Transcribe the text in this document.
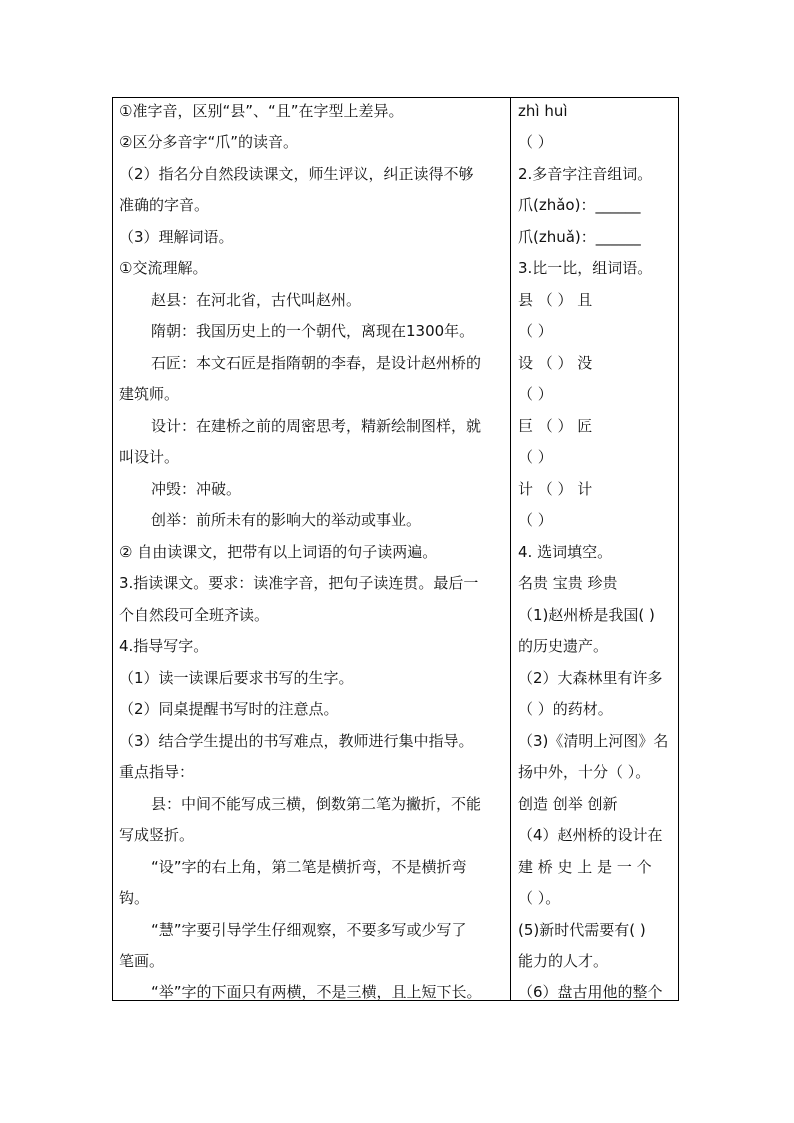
①准字音，区别“县”、“且”在字型上差异。
②区分多音字“爪”的读音。
（2）指名分自然段读课文，师生评议，纠正读得不够
准确的字音。
（3）理解词语。
①交流理解。
赵县：在河北省，古代叫赵州。
隋朝：我国历史上的一个朝代，离现在1300年。
石匠：本文石匠是指隋朝的李春，是设计赵州桥的
建筑师。
设计：在建桥之前的周密思考，精新绘制图样，就
叫设计。
冲毁：冲破。
创举：前所未有的影响大的举动或事业。
② 自由读课文，把带有以上词语的句子读两遍。
3.指读课文。要求：读准字音，把句子读连贯。最后一
个自然段可全班齐读。
4.指导写字。
（1）读一读课后要求书写的生字。
（2）同桌提醒书写时的注意点。
（3）结合学生提出的书写难点，教师进行集中指导。
重点指导：
县：中间不能写成三横，倒数第二笔为撇折，不能
写成竖折。
“设”字的右上角，第二笔是横折弯，不是横折弯
钩。
“慧”字要引导学生仔细观察，不要多写或少写了
笔画。
“举”字的下面只有两横，不是三横，且上短下长。
zhì huì
（ ）
2.多音字注音组词。
爪(zhǎo)：______
爪(zhuǎ)：______
3.比一比，组词语。
县 （ ） 且
（ ）
设 （ ） 没
（ ）
巨 （ ） 匠
（ ）
计 （ ） 计
（ ）
4. 选词填空。
名贵 宝贵 珍贵
（1)赵州桥是我国( )
的历史遗产。
（2）大森林里有许多
（ ）的药材。
（3)《清明上河图》名
扬中外，十分（ ）。
创造 创举 创新
（4）赵州桥的设计在
建 桥 史 上 是 一 个
（ ）。
(5)新时代需要有( )
能力的人才。
（6）盘古用他的整个
